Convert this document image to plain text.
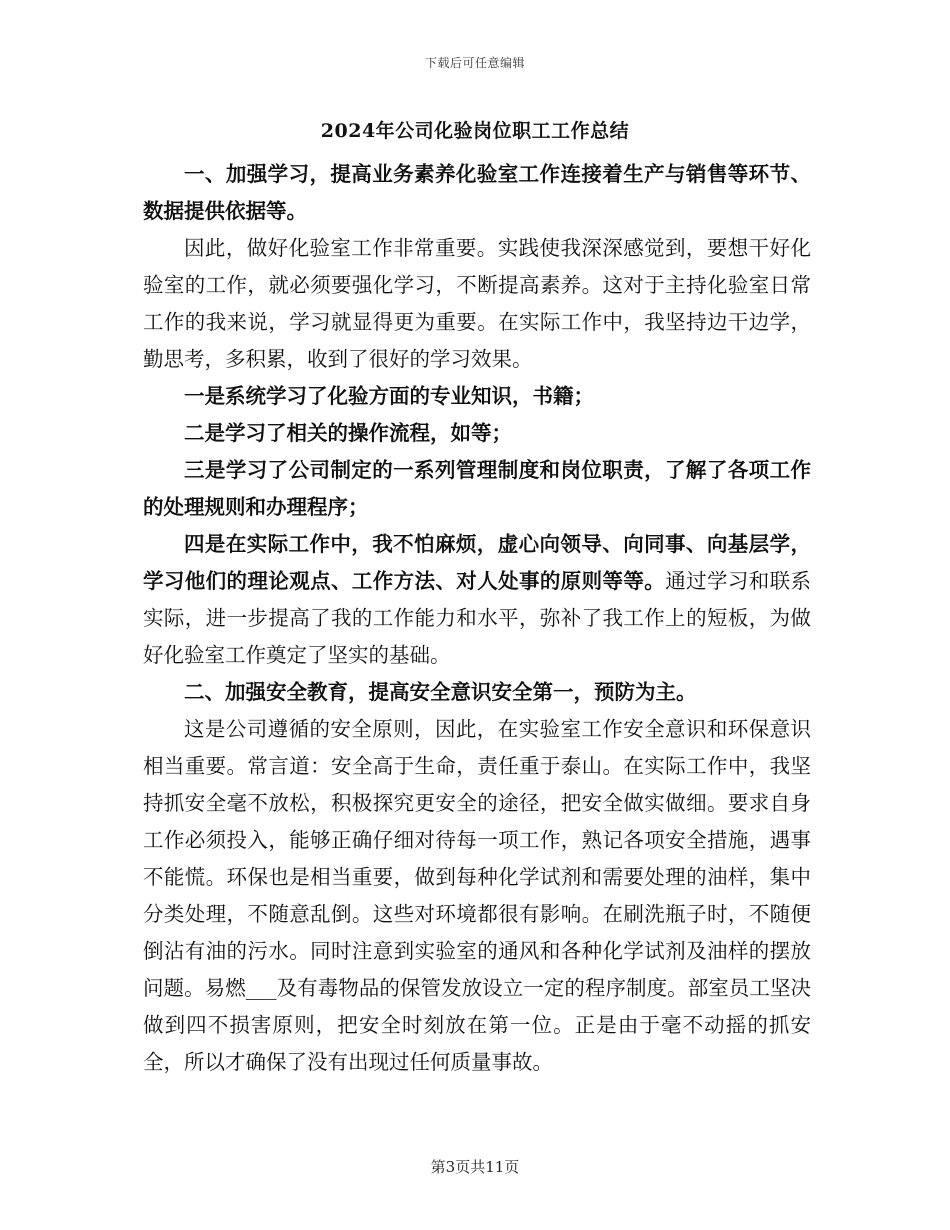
下载后可任意编辑
2024年公司化验岗位职工工作总结

一、加强学习，提高业务素养化验室工作连接着生产与销售等环节、数据提供依据等。

因此，做好化验室工作非常重要。实践使我深深感觉到，要想干好化验室的工作，就必须要强化学习，不断提高素养。这对于主持化验室日常工作的我来说，学习就显得更为重要。在实际工作中，我坚持边干边学，勤思考，多积累，收到了很好的学习效果。

一是系统学习了化验方面的专业知识，书籍；

二是学习了相关的操作流程，如等；

三是学习了公司制定的一系列管理制度和岗位职责，了解了各项工作的处理规则和办理程序；

四是在实际工作中，我不怕麻烦，虚心向领导、向同事、向基层学，学习他们的理论观点、工作方法、对人处事的原则等等。通过学习和联系实际，进一步提高了我的工作能力和水平，弥补了我工作上的短板，为做好化验室工作奠定了坚实的基础。

二、加强安全教育，提高安全意识安全第一，预防为主。

这是公司遵循的安全原则，因此，在实验室工作安全意识和环保意识相当重要。常言道：安全高于生命，责任重于泰山。在实际工作中，我坚持抓安全毫不放松，积极探究更安全的途径，把安全做实做细。要求自身工作必须投入，能够正确仔细对待每一项工作，熟记各项安全措施，遇事不能慌。环保也是相当重要，做到每种化学试剂和需要处理的油样，集中分类处理，不随意乱倒。这些对环境都很有影响。在刷洗瓶子时，不随便倒沾有油的污水。同时注意到实验室的通风和各种化学试剂及油样的摆放问题。易燃___及有毒物品的保管发放设立一定的程序制度。部室员工坚决做到四不损害原则，把安全时刻放在第一位。正是由于毫不动摇的抓安全，所以才确保了没有出现过任何质量事故。

第3页共11页
